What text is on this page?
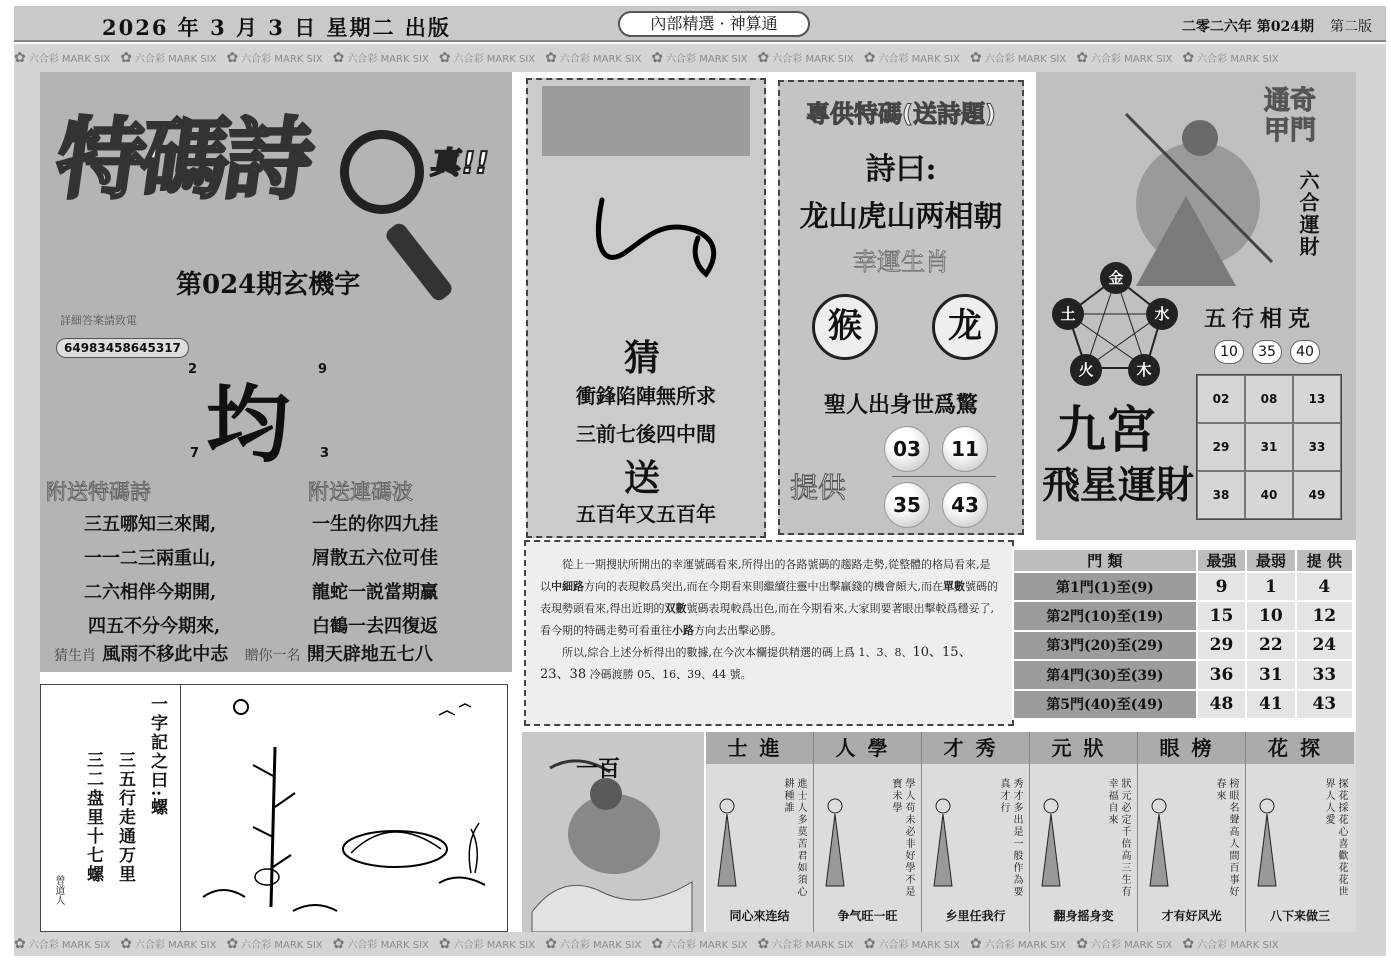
2026 年 3 月 3 日 星期二 出版	內部精選 · 神算通	二零二六年 第024期 第二版
✿ 六合彩 MARK SIX ✿ 六合彩 MARK SIX ✿ 六合彩 MARK SIX ✿ 六合彩 MARK SIX ✿ 六合彩 MARK SIX ✿ 六合彩 MARK SIX ✿ 六合彩 MARK SIX ✿ 六合彩 MARK SIX ✿ 六合彩 MARK SIX ✿ 六合彩 MARK SIX ✿ 六合彩 MARK SIX ✿ 六合彩 MARK SIX
✿ 六合彩 MARK SIX ✿ 六合彩 MARK SIX ✿ 六合彩 MARK SIX ✿ 六合彩 MARK SIX ✿ 六合彩 MARK SIX ✿ 六合彩 MARK SIX ✿ 六合彩 MARK SIX ✿ 六合彩 MARK SIX ✿ 六合彩 MARK SIX ✿ 六合彩 MARK SIX ✿ 六合彩 MARK SIX ✿ 六合彩 MARK SIX
特碼詩	真!!
第024期玄機字
詳細答案請致電
64983458645317
2	9
7	3
均
附送特碼詩	附送連碼波
三五哪知三來聞,
一一二三兩重山,
二六相伴今期開,
四五不分今期來,
一生的你四九挂
屑散五六位可佳
龍蛇一説當期贏
白鶴一去四復返
猜生肖 風雨不移此中志 贈你一名 開天辟地五七八
猜
衝鋒陷陣無所求
三前七後四中間
送
五百年又五百年
專供特碼(送詩題)
詩曰:
龙山虎山两相朝
幸運生肖
猴	龙
聖人出身世爲驚
提供
03	11
35	43
通奇甲門
六合運財
金
水
木
火
土	五行相克
10	35	40
九宮
飛星運財
02	08	13
29	31	33
38	40	49

從上一期搜狀所開出的幸運號碼看來,所得出的各路號碼的趨路走勢,從整體的格局看來,是以中細路方向的表現較爲突出,而在今期看來則繼續往靈中出擊贏錢的機會頗大,而在單數號碼的表現勢頭看來,得出近期的双數號碼表現較爲出色,而在今期看來,大家則要著眼出擊較爲穩妥了,看今期的特碼走勢可看重往小路方向去出擊必勝。

所以,綜合上述分析得出的數據,在今次本欄提供精選的碼上爲 1、3、8、10、15、23、38 冷碼渡勝 05、16、39、44 號。

門 類	最强	最弱	提 供
第1門(1)至(9)	9	1	4
第2門(10)至(19)	15	10	12
第3門(20)至(29)	29	22	24
第4門(30)至(39)	36	31	33
第5門(40)至(49)	48	41	43
一字記之曰:螺
三五行走通万里
三二盘里十七螺
曾道人
一百
士進
進士人多莫苦君如須心耕種誰
同心來连结
人學
學人苟未必非好學不是寶未學
争气旺一旺
才秀
秀才多出是一般作為要真才行
乡里任我行
元狀
狀元必定千倍高三生有幸福自來
翻身摇身变
眼榜
榜眼名聲高人間百事好春來
才有好风光
花探
探花採花心喜歡花花世界人人愛
八下来做三
